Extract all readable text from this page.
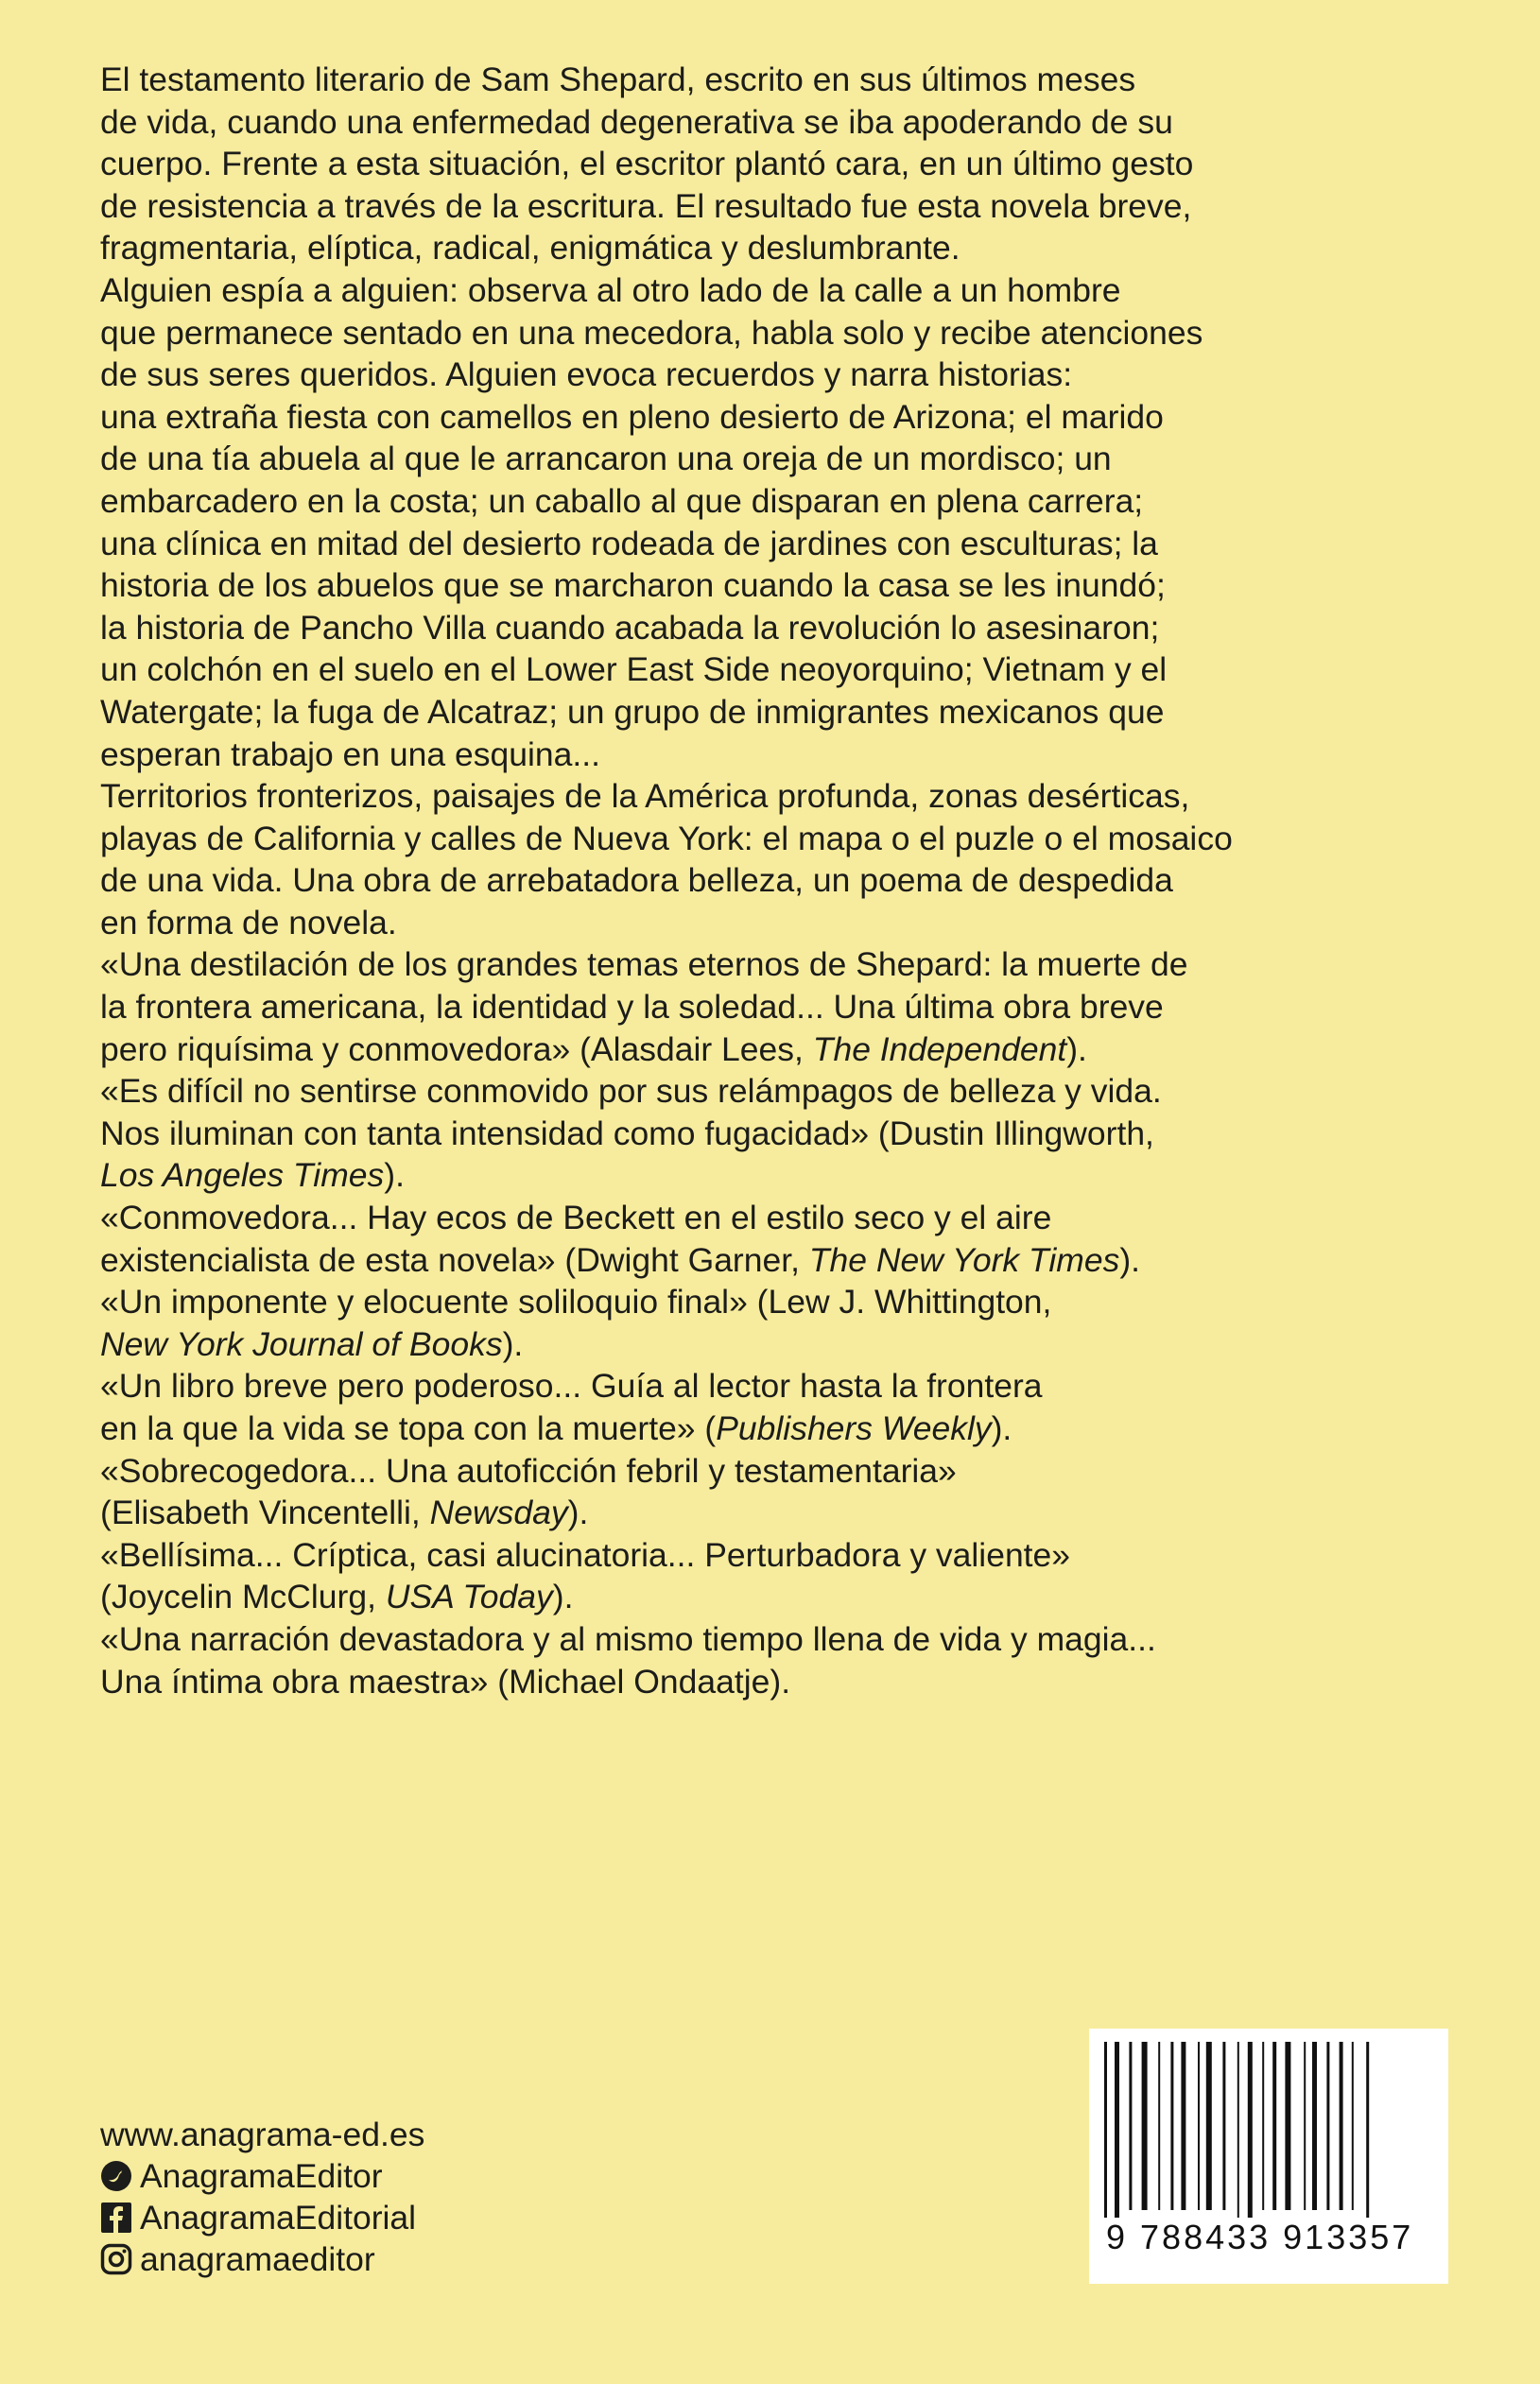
El testamento literario de Sam Shepard, escrito en sus últimos meses
de vida, cuando una enfermedad degenerativa se iba apoderando de su
cuerpo. Frente a esta situación, el escritor plantó cara, en un último gesto
de resistencia a través de la escritura. El resultado fue esta novela breve,
fragmentaria, elíptica, radical, enigmática y deslumbrante.

Alguien espía a alguien: observa al otro lado de la calle a un hombre
que permanece sentado en una mecedora, habla solo y recibe atenciones
de sus seres queridos. Alguien evoca recuerdos y narra historias:
una extraña fiesta con camellos en pleno desierto de Arizona; el marido
de una tía abuela al que le arrancaron una oreja de un mordisco; un
embarcadero en la costa; un caballo al que disparan en plena carrera;
una clínica en mitad del desierto rodeada de jardines con esculturas; la
historia de los abuelos que se marcharon cuando la casa se les inundó;
la historia de Pancho Villa cuando acabada la revolución lo asesinaron;
un colchón en el suelo en el Lower East Side neoyorquino; Vietnam y el
Watergate; la fuga de Alcatraz; un grupo de inmigrantes mexicanos que
esperan trabajo en una esquina...

Territorios fronterizos, paisajes de la América profunda, zonas desérticas,
playas de California y calles de Nueva York: el mapa o el puzle o el mosaico
de una vida. Una obra de arrebatadora belleza, un poema de despedida
en forma de novela.

«Una destilación de los grandes temas eternos de Shepard: la muerte de
la frontera americana, la identidad y la soledad... Una última obra breve
pero riquísima y conmovedora» (Alasdair Lees, The Independent).

«Es difícil no sentirse conmovido por sus relámpagos de belleza y vida.
Nos iluminan con tanta intensidad como fugacidad» (Dustin Illingworth,
Los Angeles Times).

«Conmovedora... Hay ecos de Beckett en el estilo seco y el aire
existencialista de esta novela» (Dwight Garner, The New York Times).

«Un imponente y elocuente soliloquio final» (Lew J. Whittington,
New York Journal of Books).

«Un libro breve pero poderoso... Guía al lector hasta la frontera
en la que la vida se topa con la muerte» (Publishers Weekly).

«Sobrecogedora... Una autoficción febril y testamentaria»
(Elisabeth Vincentelli, Newsday).

«Bellísima... Críptica, casi alucinatoria... Perturbadora y valiente»
(Joycelin McClurg, USA Today).

«Una narración devastadora y al mismo tiempo llena de vida y magia...
Una íntima obra maestra» (Michael Ondaatje).

www.anagrama-ed.es
AnagramaEditor
AnagramaEditorial
anagramaeditor
9 788433 913357
